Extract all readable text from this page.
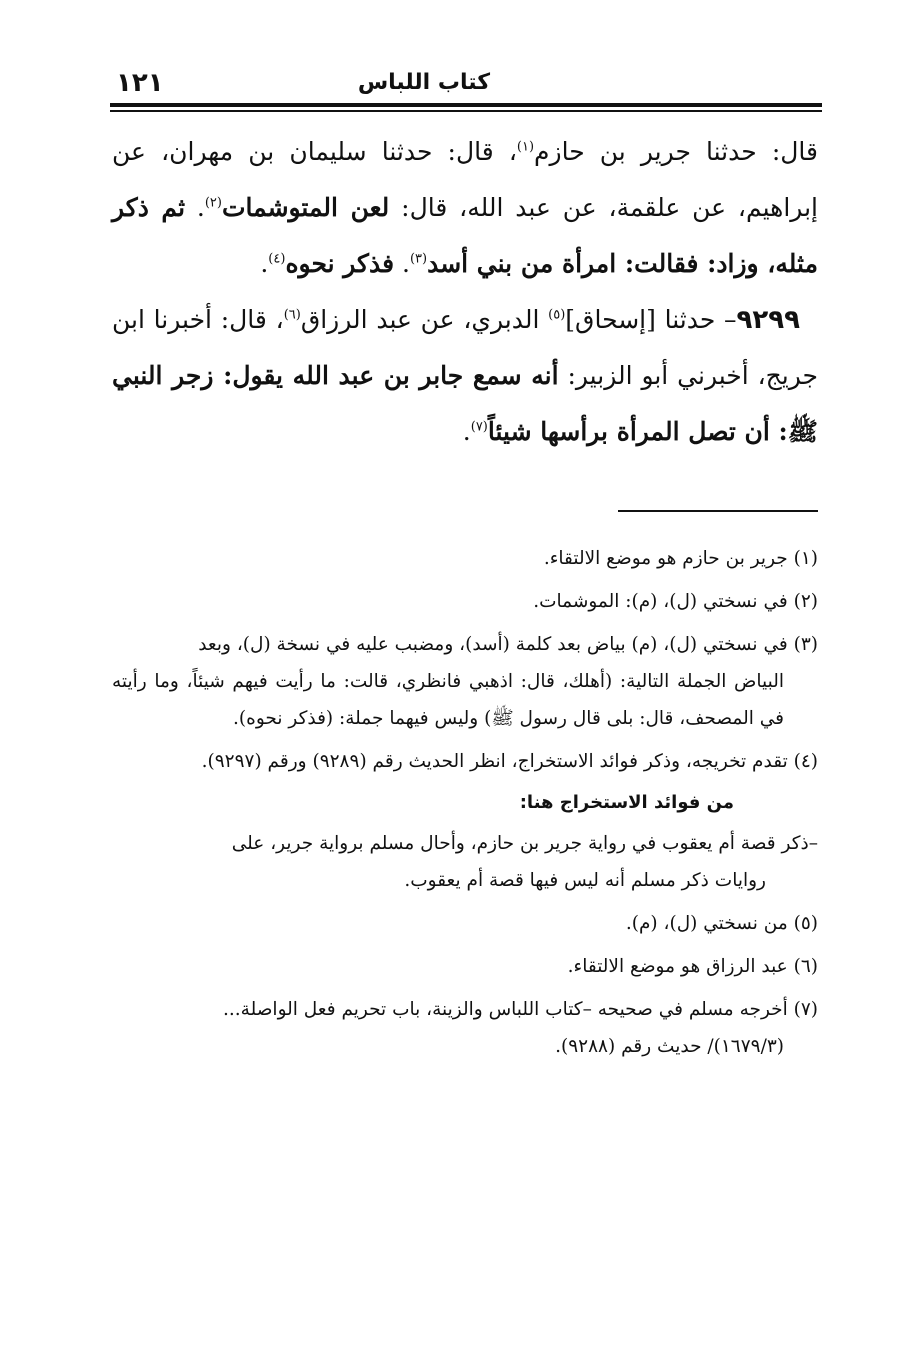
كتاب اللباس
١٢١

قال: حدثنا جرير بن حازم$^{(١)}$، قال: حدثنا سليمان بن مهران، عن إبراهيم، عن علقمة، عن عبد الله، قال: لعن المتوشمات$^{(٢)}$. ثم ذكر مثله، وزاد: فقالت: امرأة من بني أسد$^{(٣)}$. فذكر نحوه$^{(٤)}$.

٩٢٩٩– حدثنا [إسحاق]$^{(٥)}$ الدبري، عن عبد الرزاق$^{(٦)}$، قال: أخبرنا ابن جريج، أخبرني أبو الزبير: أنه سمع جابر بن عبد الله يقول: زجر النبي ﷺ: أن تصل المرأة برأسها شيئاً$^{(٧)}$.

(١) جرير بن حازم هو موضع الالتقاء.

(٢) في نسختي (ل)، (م): الموشمات.

(٣) في نسختي (ل)، (م) بياض بعد كلمة (أسد)، ومضبب عليه في نسخة (ل)، وبعد
البياض الجملة التالية: (أهلك، قال: اذهبي فانظري، قالت: ما رأيت فيهم شيئاً، وما رأيته في المصحف، قال: بلى قال رسول ﷺ) وليس فيهما جملة: (فذكر نحوه).

(٤) تقدم تخريجه، وذكر فوائد الاستخراج، انظر الحديث رقم (٩٢٨٩) ورقم (٩٢٩٧).

من فوائد الاستخراج هنا:

–ذكر قصة أم يعقوب في رواية جرير بن حازم، وأحال مسلم برواية جرير، على
روايات ذكر مسلم أنه ليس فيها قصة أم يعقوب.

(٥) من نسختي (ل)، (م).

(٦) عبد الرزاق هو موضع الالتقاء.

(٧) أخرجه مسلم في صحيحه –كتاب اللباس والزينة، باب تحريم فعل الواصلة...
(١٦٧٩/٣)/ حديث رقم (٩٢٨٨).
